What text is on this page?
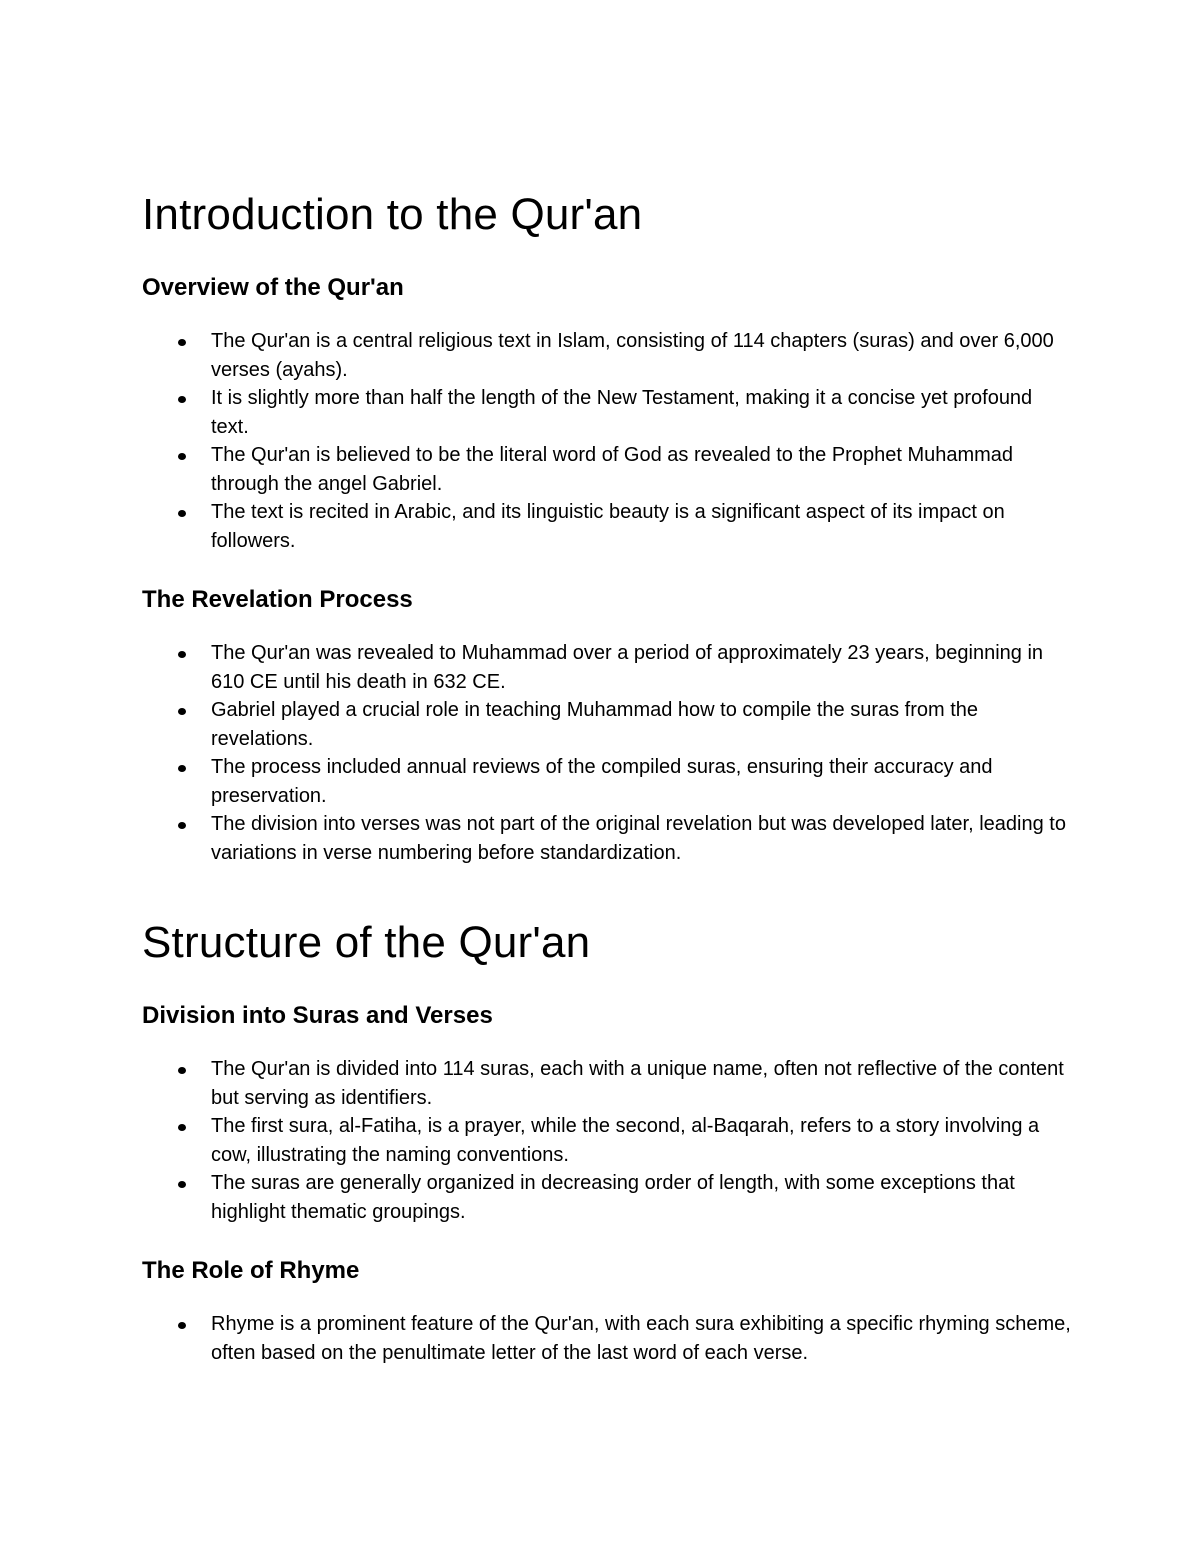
Introduction to the Qur'an
Overview of the Qur'an
The Qur'an is a central religious text in Islam, consisting of 114 chapters (suras) and over 6,000 verses (ayahs).
It is slightly more than half the length of the New Testament, making it a concise yet profound text.
The Qur'an is believed to be the literal word of God as revealed to the Prophet Muhammad through the angel Gabriel.
The text is recited in Arabic, and its linguistic beauty is a significant aspect of its impact on followers.
The Revelation Process
The Qur'an was revealed to Muhammad over a period of approximately 23 years, beginning in 610 CE until his death in 632 CE.
Gabriel played a crucial role in teaching Muhammad how to compile the suras from the revelations.
The process included annual reviews of the compiled suras, ensuring their accuracy and preservation.
The division into verses was not part of the original revelation but was developed later, leading to variations in verse numbering before standardization.
Structure of the Qur'an
Division into Suras and Verses
The Qur'an is divided into 114 suras, each with a unique name, often not reflective of the content but serving as identifiers.
The first sura, al-Fatiha, is a prayer, while the second, al-Baqarah, refers to a story involving a cow, illustrating the naming conventions.
The suras are generally organized in decreasing order of length, with some exceptions that highlight thematic groupings.
The Role of Rhyme
Rhyme is a prominent feature of the Qur'an, with each sura exhibiting a specific rhyming scheme, often based on the penultimate letter of the last word of each verse.
